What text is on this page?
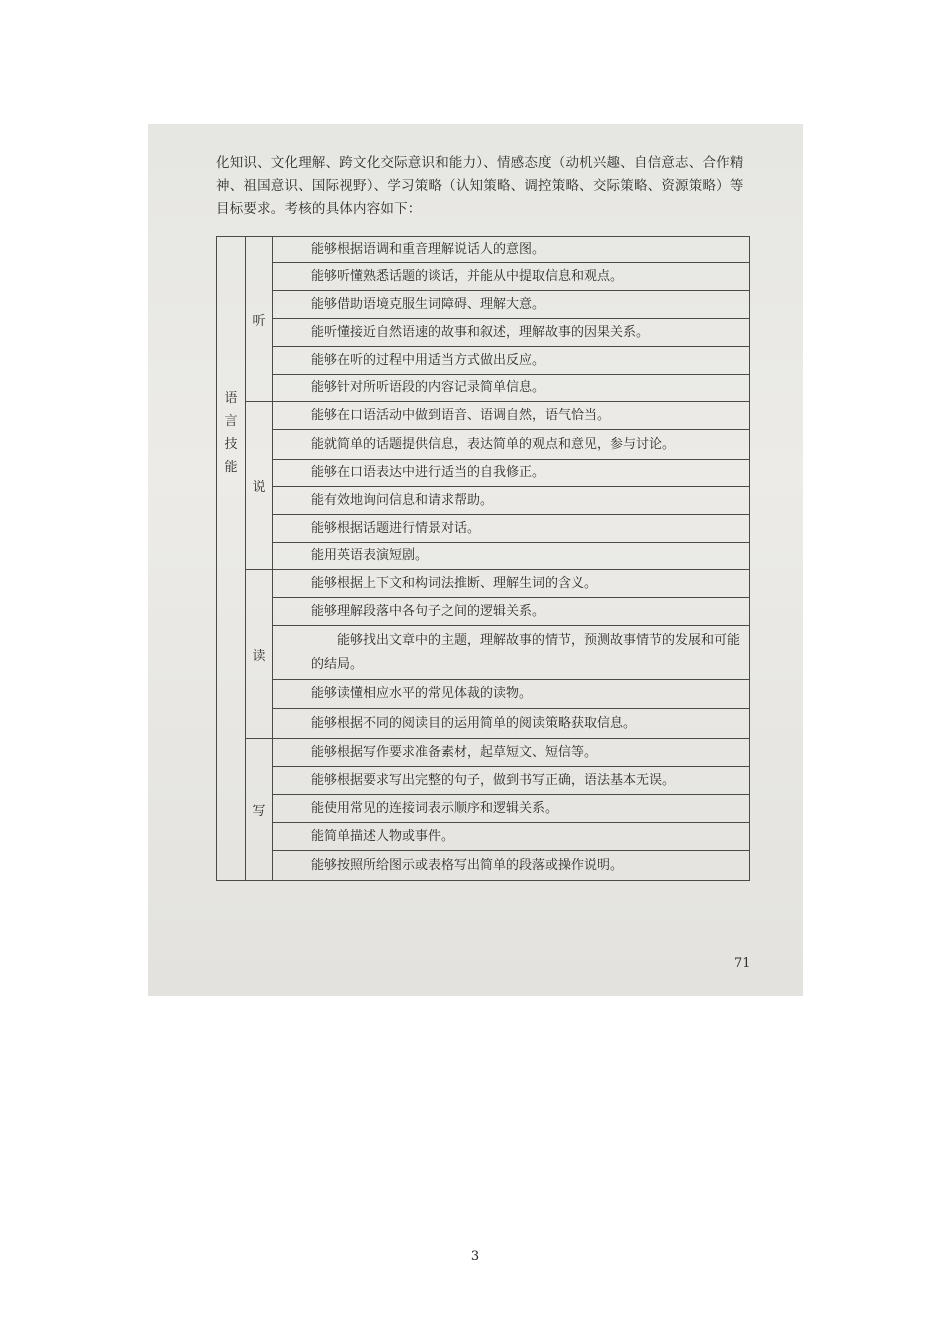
化知识、文化理解、跨文化交际意识和能力）、情感态度（动机兴趣、自信意志、合作精神、祖国意识、国际视野）、学习策略（认知策略、调控策略、交际策略、资源策略）等目标要求。考核的具体内容如下：
语
言
技
能	听	能够根据语调和重音理解说话人的意图。
		能够听懂熟悉话题的谈话，并能从中提取信息和观点。
		能够借助语境克服生词障碍、理解大意。
		能听懂接近自然语速的故事和叙述，理解故事的因果关系。
		能够在听的过程中用适当方式做出反应。
		能够针对所听语段的内容记录简单信息。
	说	能够在口语活动中做到语音、语调自然，语气恰当。
		能就简单的话题提供信息，表达简单的观点和意见，参与讨论。
		能够在口语表达中进行适当的自我修正。
		能有效地询问信息和请求帮助。
		能够根据话题进行情景对话。
		能用英语表演短剧。
	读	能够根据上下文和构词法推断、理解生词的含义。
		能够理解段落中各句子之间的逻辑关系。
		能够找出文章中的主题，理解故事的情节，预测故事情节的发展和可能的结局。
		能够读懂相应水平的常见体裁的读物。
		能够根据不同的阅读目的运用简单的阅读策略获取信息。
	写	能够根据写作要求准备素材，起草短文、短信等。
		能够根据要求写出完整的句子，做到书写正确，语法基本无误。
		能使用常见的连接词表示顺序和逻辑关系。
		能简单描述人物或事件。
		能够按照所给图示或表格写出简单的段落或操作说明。
71
3
